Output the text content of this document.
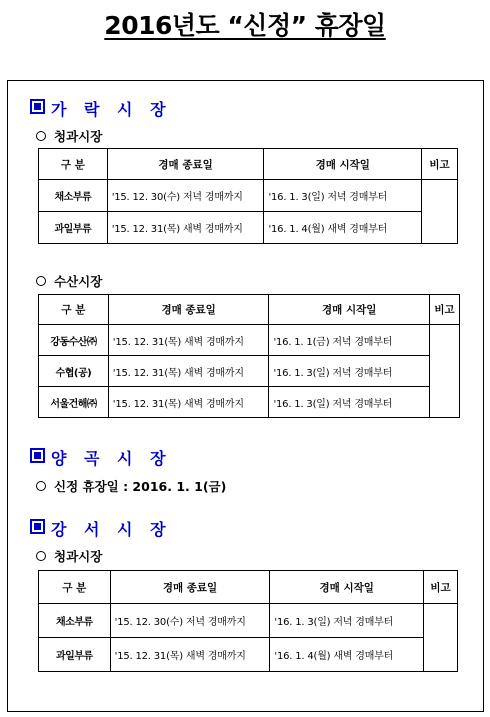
2016년도 “신정” 휴장일
가 락 시 장
청과시장
구 분	경매 종료일	경매 시작일	비고
채소부류	'15. 12. 30(수) 저녁 경매까지	'16. 1. 3(일) 저녁 경매부터	
과일부류	'15. 12. 31(목) 새벽 경매까지	'16. 1. 4(월) 새벽 경매부터	
수산시장
구 분	경매 종료일	경매 시작일	비고
강동수산㈜	'15. 12. 31(목) 새벽 경매까지	'16. 1. 1(금) 저녁 경매부터	
수협(공)	'15. 12. 31(목) 새벽 경매까지	'16. 1. 3(일) 저녁 경매부터	
서울건해㈜	'15. 12. 31(목) 새벽 경매까지	'16. 1. 3(일) 저녁 경매부터	
양 곡 시 장
신정 휴장일 : 2016. 1. 1(금)
강 서 시 장
청과시장
구 분	경매 종료일	경매 시작일	비고
채소부류	'15. 12. 30(수) 저녁 경매까지	'16. 1. 3(일) 저녁 경매부터	
과일부류	'15. 12. 31(목) 새벽 경매까지	'16. 1. 4(월) 새벽 경매부터	
